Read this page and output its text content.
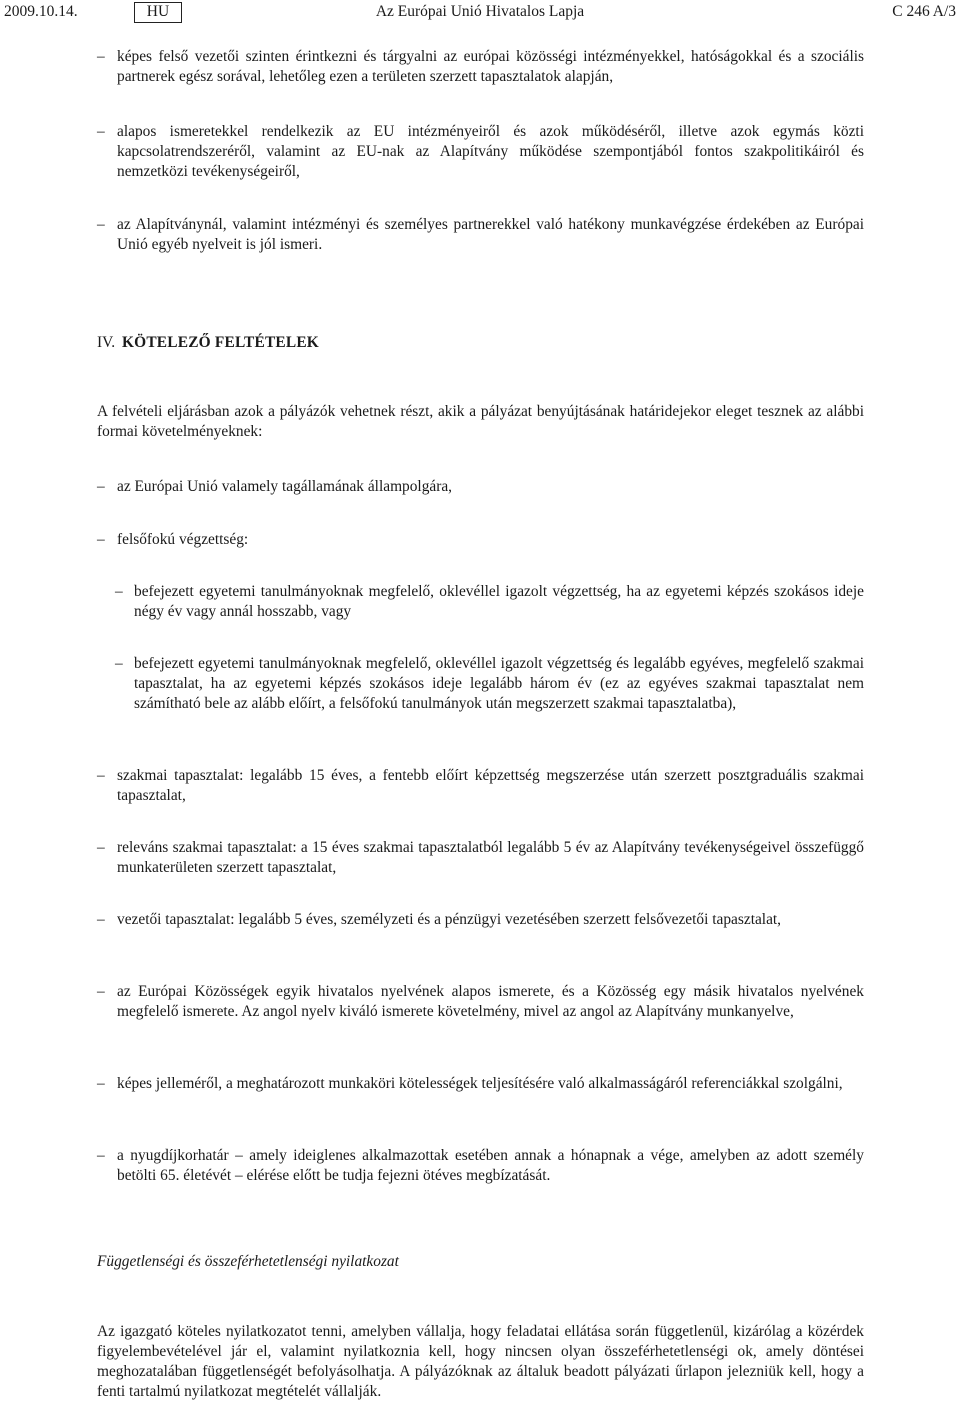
2009.10.14.	Az Európai Unió Hivatalos Lapja
HU	C 246 A/3
– képes felső vezetői szinten érintkezni és tárgyalni az európai közösségi intézményekkel, hatóságokkal és a szociális partnerek egész sorával, lehetőleg ezen a területen szerzett tapasztalatok alapján,
– alapos ismeretekkel rendelkezik az EU intézményeiről és azok működéséről, illetve azok egymás közti kapcsolatrendszeréről, valamint az EU-nak az Alapítvány működése szempontjából fontos szakpolitikáiról és nemzetközi tevékenységeiről,
– az Alapítványnál, valamint intézményi és személyes partnerekkel való hatékony munkavégzése érdekében az Európai Unió egyéb nyelveit is jól ismeri.
IV. KÖTELEZŐ FELTÉTELEK
A felvételi eljárásban azok a pályázók vehetnek részt, akik a pályázat benyújtásának határidejekor eleget tesznek az alábbi formai követelményeknek:
– az Európai Unió valamely tagállamának állampolgára,
– felsőfokú végzettség:
– befejezett egyetemi tanulmányoknak megfelelő, oklevéllel igazolt végzettség, ha az egyetemi képzés szokásos ideje négy év vagy annál hosszabb, vagy
– befejezett egyetemi tanulmányoknak megfelelő, oklevéllel igazolt végzettség és legalább egyéves, megfelelő szakmai tapasztalat, ha az egyetemi képzés szokásos ideje legalább három év (ez az egyéves szakmai tapasztalat nem számítható bele az alább előírt, a felsőfokú tanulmányok után megszerzett szakmai tapasztalatba),
– szakmai tapasztalat: legalább 15 éves, a fentebb előírt képzettség megszerzése után szerzett posztgraduális szakmai tapasztalat,
– releváns szakmai tapasztalat: a 15 éves szakmai tapasztalatból legalább 5 év az Alapítvány tevékenységeivel összefüggő munkaterületen szerzett tapasztalat,
– vezetői tapasztalat: legalább 5 éves, személyzeti és a pénzügyi vezetésében szerzett felsővezetői tapasztalat,
– az Európai Közösségek egyik hivatalos nyelvének alapos ismerete, és a Közösség egy másik hivatalos nyelvének megfelelő ismerete. Az angol nyelv kiváló ismerete követelmény, mivel az angol az Alapítvány munkanyelve,
– képes jelleméről, a meghatározott munkaköri kötelességek teljesítésére való alkalmasságáról referenciákkal szolgálni,
– a nyugdíjkorhatár – amely ideiglenes alkalmazottak esetében annak a hónapnak a vége, amelyben az adott személy betölti 65. életévét – elérése előtt be tudja fejezni ötéves megbízatását.
Függetlenségi és összeférhetetlenségi nyilatkozat
Az igazgató köteles nyilatkozatot tenni, amelyben vállalja, hogy feladatai ellátása során függetlenül, kizárólag a közérdek figyelembevételével jár el, valamint nyilatkoznia kell, hogy nincsen olyan összeférhetetlenségi ok, amely döntései meghozatalában függetlenségét befolyásolhatja. A pályázóknak az általuk beadott pályázati űrlapon jelezniük kell, hogy a fenti tartalmú nyilatkozat megtételét vállalják.
